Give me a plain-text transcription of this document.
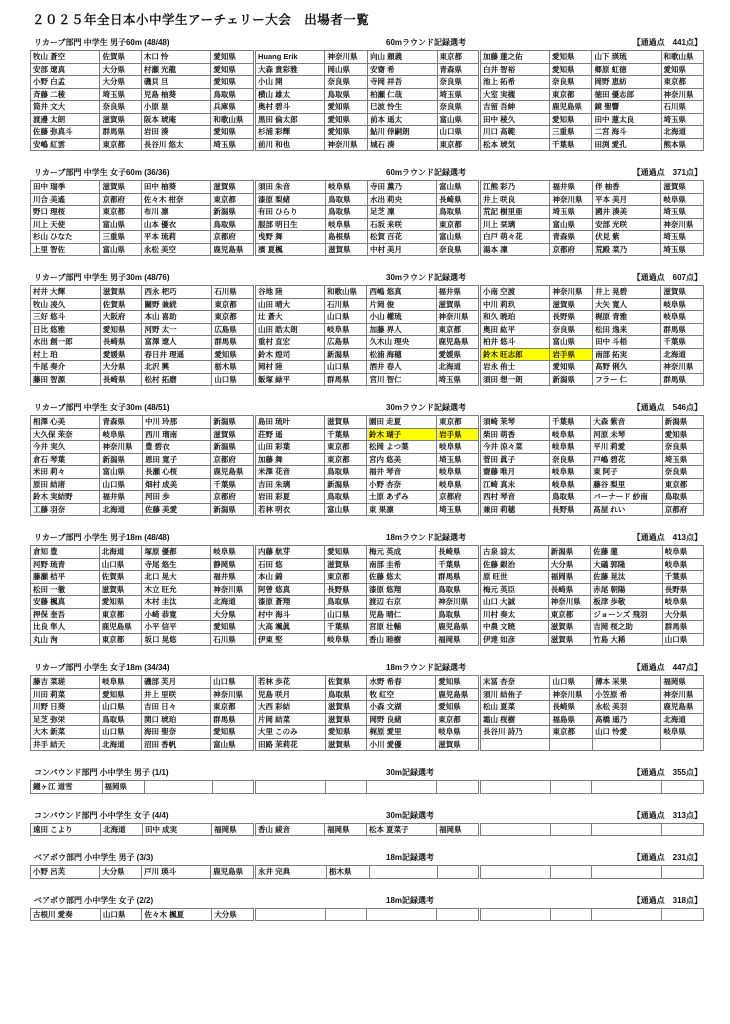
２０２５年全日本小中学生アーチェリー大会　出場者一覧
リカーブ部門 中学生 男子60m (48/48)	60mラウンド記録選考	【通過点　441点】
牧山 蒼空	佐賀県	木口 怜	愛知県
安部 遼真	大分県	村瀬 光龍	愛知県
小野 白孟	大分県	磯貝 旦	愛知県
斉藤 二稜	埼玉県	児島 柚葵	鳥取県
筒井 文大	奈良県	小原 塁	兵庫県
渡邊 太朗	滋賀県	阪本 琥庵	和歌山県
佐藤 弥真斗	群馬県	岩田 湊	愛知県
安嶋 紅雲	東京都	長谷川 悠太	埼玉県
Huang Erik	神奈川県	向山 頼義	東京都
大森 貴彩雅	岡山県	安齋 希	青森県
小山 開	奈良県	寺岡 祥吾	奈良県
横山 雄太	鳥取県	柏瀬 仁哉	埼玉県
奥村 碧斗	愛知県	巳波 怜生	奈良県
黒田 倫太郎	愛知県	前本 遥太	富山県
杉浦 彩輝	愛知県	鮎川 倖嗣朗	山口県
前川 和也	神奈川県	城石 湊	東京都
加藤 蓮之佑	愛知県	山下 瑛琉	和歌山県
白井 智裕	愛知県	郷原 虹徳	愛知県
池上 拓希	奈良県	岡野 恵紡	東京都
大室 実槻	東京都	徳田 優志郎	神奈川県
吉留 吾紳	鹿児島県	鏡 聖響	石川県
田中 稜久	愛知県	田中 蓮太良	埼玉県
川口 高範	三重県	二宮 海斗	北海道
松本 琥気	千葉県	田渕 愛孔	熊本県
リカーブ部門 中学生 女子60m (36/36)	60mラウンド記録選考	【通過点　371点】
田中 瑞季	滋賀県	田中 柚葵	滋賀県
川合 美遙	京都府	佐々木 柑奈	東京都
野口 理桜	東京都	布川 凛	新潟県
川上 天使	富山県	山本 優衣	鳥取県
杉山 ひなた	三重県	平本 琉莉	京都府
上里 智佐	富山県	永松 美空	鹿児島県
須田 朱音	岐阜県	寺田 薫乃	富山県
漆原 梨緒	鳥取県	水出 莉央	長崎県
有田 ひらり	鳥取県	足芝 凜	鳥取県
服部 明日生	岐阜県	石坂 来咲	東京都
曵野 舞	島根県	松賀 百花	富山県
濱 夏楓	滋賀県	中村 美月	奈良県
江熊 彩乃	福井県	伴 柚香	滋賀県
井上 咲良	神奈川県	平本 美月	岐阜県
荒記 樹里亜	埼玉県	國井 湊美	埼玉県
川上 栞璃	富山県	安部 光咲	神奈川県
白戸 萌々花	青森県	伏見 紫	埼玉県
湯本 凜	京都府	荒殿 菜乃	埼玉県
リカーブ部門 中学生 男子30m (48/76)	30mラウンド記録選考	【通過点　607点】
村井 大輝	滋賀県	西永 杷巧	石川県
牧山 凌久	佐賀県	關野 兼続	東京都
三好 悠斗	大阪府	本山 喜助	東京都
日比 悠雅	愛知県	河野 太一	広島県
水出 創一郎	長崎県	富澤 遼人	群馬県
村上 珀	愛媛県	春日井 理遥	愛知県
牛尾 奏介	大分県	北沢 興	栃木県
藤田 智源	長崎県	松村 拓磨	山口県
谷地 陸	和歌山県	西嶋 悠真	福井県
山田 晴大	石川県	片岡 俊	滋賀県
辻 蒼大	山口県	小山 權琉	神奈川県
山田 皓太朗	岐阜県	加藤 界人	東京都
重村 直宏	広島県	久木山 理央	鹿児島県
鈴木 煌司	新潟県	松浦 海穂	愛媛県
岡村 陸	山口県	酒井 春人	北海道
飯塚 緑平	群馬県	宮川 智仁	埼玉県
小南 空渡	神奈川県	井上 晃碧	滋賀県
中川 莉玖	滋賀県	大矢 寛人	岐阜県
和久 暁珀	長野県	梶原 青雅	岐阜県
奥田 紘平	奈良県	松田 逸来	群馬県
柏井 悠斗	富山県	田中 斗梧	千葉県
鈴木 旺志郎	岩手県	南部 拓実	北海道
岩永 侑士	愛知県	髙野 俐久	神奈川県
須田 想一朗	新潟県	フラー 仁	群馬県
リカーブ部門 中学生 女子30m (48/51)	30mラウンド記録選考	【通過点　546点】
相澤 心美	青森県	中川 玲那	新潟県
大久保 茉奈	岐阜県	西川 瑠南	滋賀県
今井 実久	神奈川県	豊 碧衣	新潟県
倉石 琴葉	新潟県	恩田 寛子	京都府
米田 莉々	富山県	長瀬 心桜	鹿児島県
原田 結渚	山口県	畑村 成美	千葉県
鈴木 実結野	福井県	河田 歩	京都府
工藤 羽奈	北海道	佐藤 美愛	新潟県
島田 琉叶	滋賀県	園田 走夏	東京都
荘野 遥	千葉県	鈴木 瑚子	岩手県
山田 彩葉	東京都	松岡 よつ葉	岐阜県
加藤 舞	東京都	宮内 悠美	埼玉県
米澤 花音	鳥取県	福井 琴音	岐阜県
吉田 朱璃	新潟県	小野 杏奈	岐阜県
岩田 彩夏	鳥取県	土原 あずみ	京都府
若林 明衣	富山県	東 果凛	埼玉県
須崎 茉琴	千葉県	大森 紫音	新潟県
柴田 萌香	岐阜県	河原 未琴	愛知県
今井 涼々菜	岐阜県	平川 莉愛	奈良県
菅田 眞子	奈良県	戸嶋 碧花	埼玉県
齋藤 唯月	岐阜県	東 阿子	奈良県
江崎 真未	岐阜県	藤谷 梨里	東京都
西村 琴音	鳥取県	バーナード 紗南	鳥取県
兼田 莉穂	長野県	髙屋 れい	京都府
リカーブ部門 小学生 男子18m (48/48)	18mラウンド記録選考	【通過点　413点】
倉知 豊	北海道	塚原 優都	岐阜県
河野 琉青	山口県	寺尾 悠生	静岡県
藤瀬 桔平	佐賀県	北口 晃大	福井県
松田 一徹	滋賀県	木立 旺允	神奈川県
安藤 楓真	愛知県	木村 圭汰	北海道
押保 奎吾	東京都	小崎 恭寛	大分県
比良 隼人	鹿児島県	小平 信平	愛知県
丸山 洵	東京都	坂口 晃悠	石川県
内藤 航芽	愛知県	梅元 英成	長崎県
石田 悠	滋賀県	南部 圭希	千葉県
本山 錦	東京都	佐藤 悠太	群馬県
阿曾 悠真	長野県	漆原 悠翔	鳥取県
漆原 蒼翔	鳥取県	渡辺 右京	神奈川県
村中 海斗	山口県	児島 晴仁	鳥取県
大高 颯眞	千葉県	宮原 壮輔	鹿児島県
伊東 堅	岐阜県	香山 睦樹	福岡県
古泉 諒太	新潟県	佐藤 蓮	岐阜県
佐藤 銀治	大分県	大礒 郭隆	岐阜県
原 旺世	福岡県	佐藤 晃汰	千葉県
梅元 英臣	長崎県	赤尾 朝陽	長野県
山口 大誠	神奈川県	板津 歩敬	岐阜県
川村 奏太	東京都	ジョーンズ 飛羽	大分県
中農 文暁	滋賀県	吉岡 桜之助	群馬県
伊達 如彦	滋賀県	竹島 大稀	山口県
リカーブ部門 小学生 女子18m (34/34)	18mラウンド記録選考	【通過点　447点】
藤吉 菜瑳	岐阜県	磯部 芙月	山口県
川田 莉菜	愛知県	井上 里咲	神奈川県
川野 日葵	山口県	吉田 日々	東京都
足芝 弥栄	鳥取県	関口 琥珀	群馬県
大木 新菜	山口県	海田 聖奈	愛知県
井手 結天	北海道	沼田 香帆	富山県
若林 歩花	佐賀県	水野 希春	愛知県
児島 咲月	鳥取県	牧 紅空	鹿児島県
大西 彩結	滋賀県	小森 文湖	愛知県
片岡 結菜	滋賀県	岡野 良緒	東京都
大里 このみ	愛知県	梶原 愛里	岐阜県
田路 茉莉花	滋賀県	小川 愛優	滋賀県
末冨 杏奈	山口県	薄本 采果	福岡県
須川 結侑子	神奈川県	小笠原 希	神奈川県
松山 夏菜	長崎県	永松 美羽	鹿児島県
霜山 桜樹	福島県	髙橋 遥乃	北海道
長谷川 詩乃	東京都	山口 怜愛	岐阜県

コンパウンド部門 小中学生 男子 (1/1)	30m記録選考	【通過点　355点】
鐘ヶ江 道雪	福岡県		

コンパウンド部門 小中学生 女子 (4/4)	30m記録選考	【通過点　313点】
遠田 こより	北海道	田中 成実	福岡県	香山 綾音	福岡県	松本 夏菜子	福岡県

ベアボウ部門 小中学生 男子 (3/3)	18m記録選考	【通過点　231点】
小野 呂芙	大分県	戸川 瑛斗	鹿児島県 永井 完典	栃木県		

ベアボウ部門 小中学生 女子 (2/2)	18m記録選考	【通過点　318点】
古根川 愛奏	山口県	佐々木 楓夏	大分県
